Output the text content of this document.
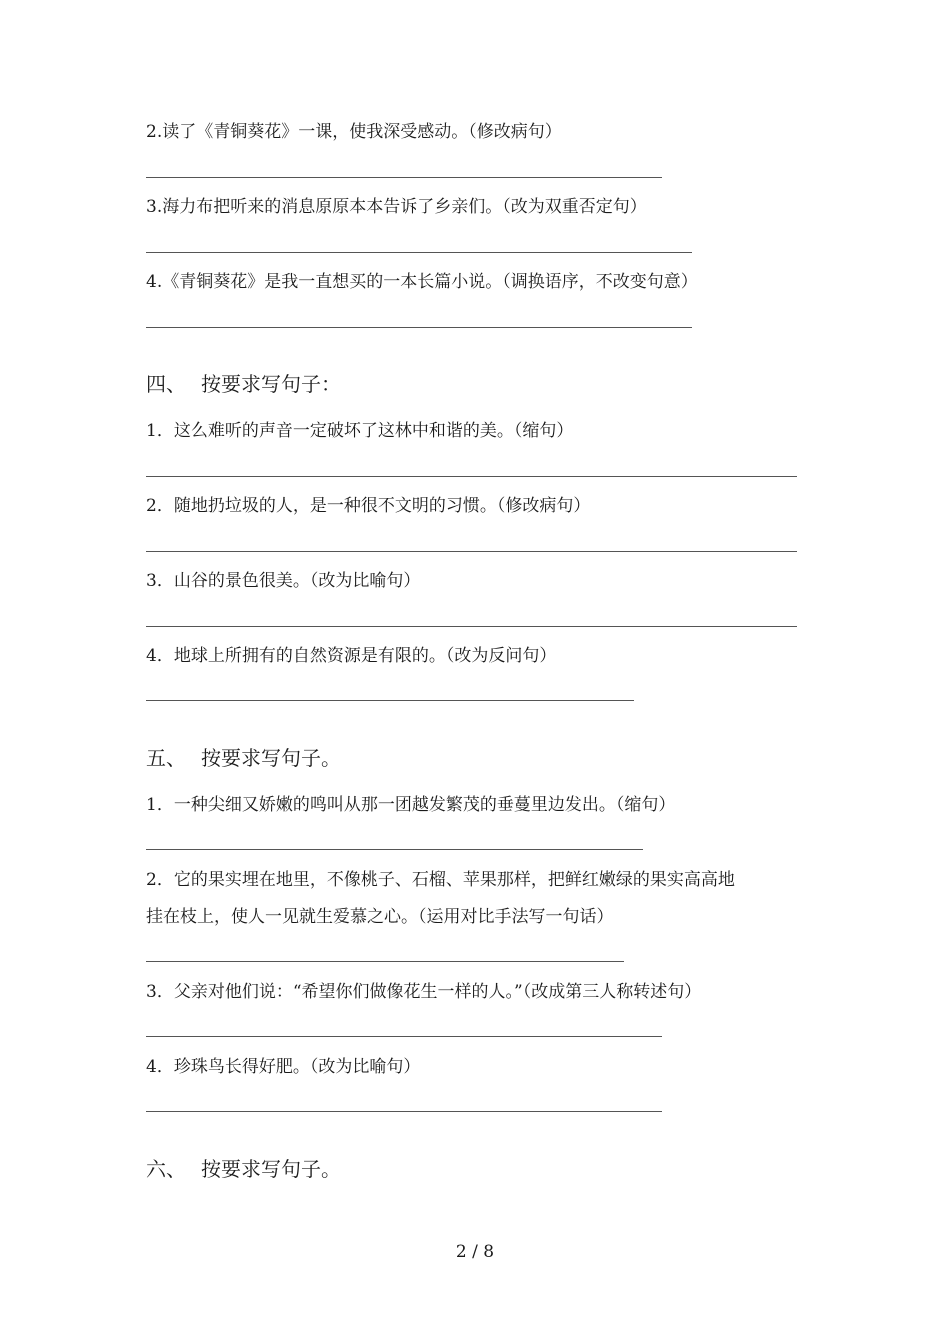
2.读了《青铜葵花》一课，使我深受感动。（修改病句）

3.海力布把听来的消息原原本本告诉了乡亲们。（改为双重否定句）

4.《青铜葵花》是我一直想买的一本长篇小说。（调换语序，不改变句意）

四、 按要求写句子：

1．这么难听的声音一定破坏了这林中和谐的美。（缩句）

2．随地扔垃圾的人，是一种很不文明的习惯。（修改病句）

3．山谷的景色很美。（改为比喻句）

4．地球上所拥有的自然资源是有限的。（改为反问句）

五、 按要求写句子。

1．一种尖细又娇嫩的鸣叫从那一团越发繁茂的垂蔓里边发出。（缩句）

2．它的果实埋在地里，不像桃子、石榴、苹果那样，把鲜红嫩绿的果实高高地

挂在枝上，使人一见就生爱慕之心。（运用对比手法写一句话）

3．父亲对他们说：“希望你们做像花生一样的人。”（改成第三人称转述句）

4．珍珠鸟长得好肥。（改为比喻句）

六、 按要求写句子。
2 / 8
